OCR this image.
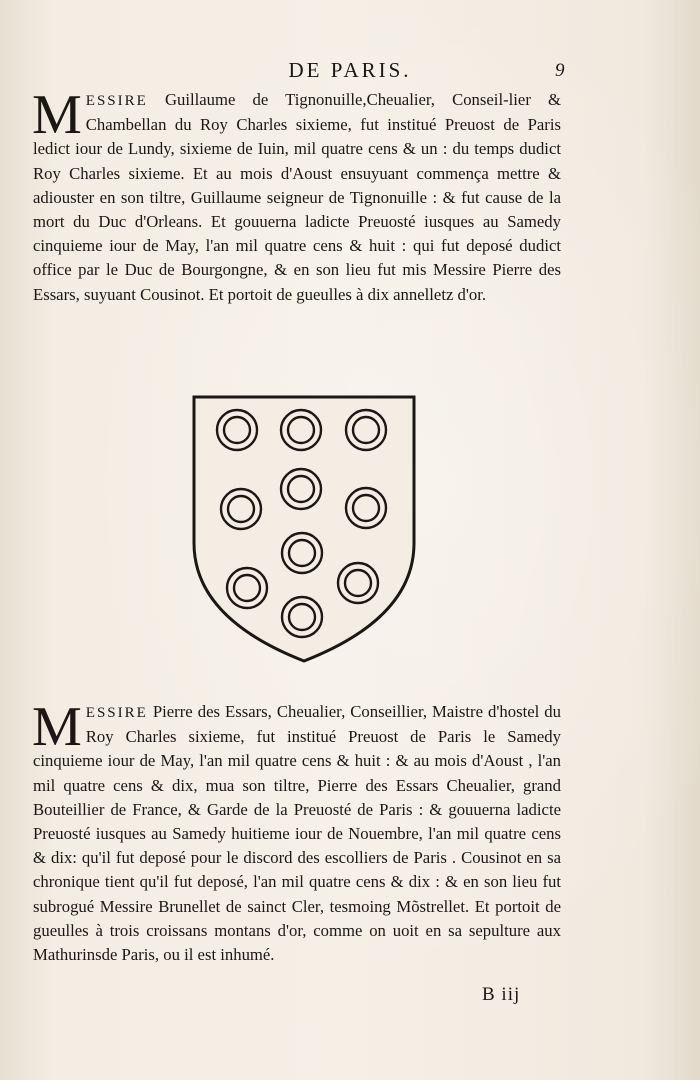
DE PARIS.	9
MESSIRE Guillaume de Tignonuille,Cheualier, Conseil-lier & Chambellan du Roy Charles sixieme, fut institué Preuost de Paris ledict iour de Lundy, sixieme de Iuin, mil quatre cens & un : du temps dudict Roy Charles sixieme. Et au mois d'Aoust ensuyuant commença mettre & adiouster en son tiltre, Guillaume seigneur de Tignonuille : & fut cause de la mort du Duc d'Orleans. Et gouuerna ladicte Preuosté iusques au Samedy cinquieme iour de May, l'an mil quatre cens & huit : qui fut deposé dudict office par le Duc de Bourgongne, & en son lieu fut mis Messire Pierre des Essars, suyuant Cousinot. Et portoit de gueulles à dix annelletz d'or.
MESSIRE Pierre des Essars, Cheualier, Conseillier, Maistre d'hostel du Roy Charles sixieme, fut institué Preuost de Paris le Samedy cinquieme iour de May, l'an mil quatre cens & huit : & au mois d'Aoust , l'an mil quatre cens & dix, mua son tiltre, Pierre des Essars Cheualier, grand Bouteillier de France, & Garde de la Preuosté de Paris : & gouuerna ladicte Preuosté iusques au Samedy huitieme iour de Nouembre, l'an mil quatre cens & dix: qu'il fut deposé pour le discord des escolliers de Paris . Cousinot en sa chronique tient qu'il fut deposé, l'an mil quatre cens & dix : & en son lieu fut subrogué Messire Brunellet de sainct Cler, tesmoing Mõstrellet. Et portoit de gueulles à trois croissans montans d'or, comme on uoit en sa sepulture aux Mathurinsde Paris, ou il est inhumé.
B iij
